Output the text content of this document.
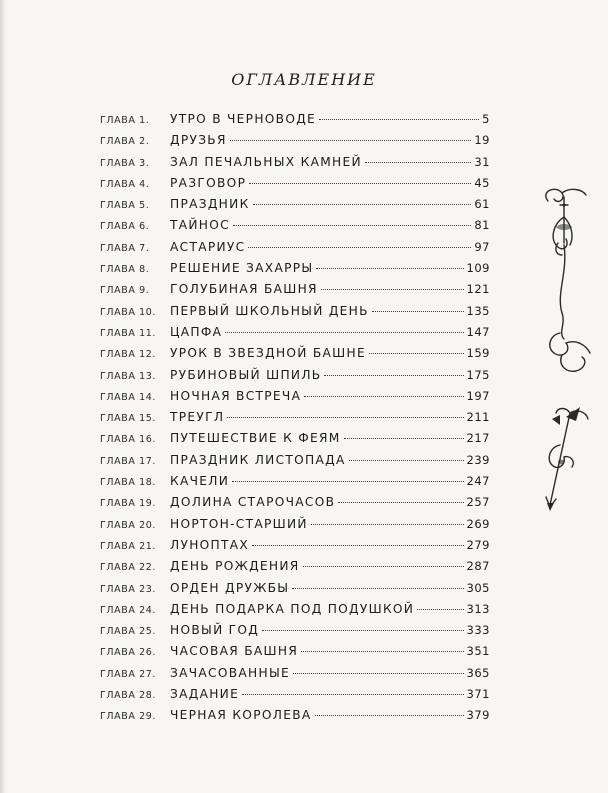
ОГЛАВЛЕНИЕ
ГЛАВА 1.	УТРО В ЧЕРНОВОДЕ	5
ГЛАВА 2.	ДРУЗЬЯ	19
ГЛАВА 3.	ЗАЛ ПЕЧАЛЬНЫХ КАМНЕЙ	31
ГЛАВА 4.	РАЗГОВОР	45
ГЛАВА 5.	ПРАЗДНИК	61
ГЛАВА 6.	ТАЙНОС	81
ГЛАВА 7.	АСТАРИУС	97
ГЛАВА 8.	РЕШЕНИЕ ЗАХАРРЫ	109
ГЛАВА 9.	ГОЛУБИНАЯ БАШНЯ	121
ГЛАВА 10.	ПЕРВЫЙ ШКОЛЬНЫЙ ДЕНЬ	135
ГЛАВА 11.	ЦАПФА	147
ГЛАВА 12.	УРОК В ЗВЕЗДНОЙ БАШНЕ	159
ГЛАВА 13.	РУБИНОВЫЙ ШПИЛЬ	175
ГЛАВА 14.	НОЧНАЯ ВСТРЕЧА	197
ГЛАВА 15.	ТРЕУГЛ	211
ГЛАВА 16.	ПУТЕШЕСТВИЕ К ФЕЯМ	217
ГЛАВА 17.	ПРАЗДНИК ЛИСТОПАДА	239
ГЛАВА 18.	КАЧЕЛИ	247
ГЛАВА 19.	ДОЛИНА СТАРОЧАСОВ	257
ГЛАВА 20.	НОРТОН-СТАРШИЙ	269
ГЛАВА 21.	ЛУНОПТАХ	279
ГЛАВА 22.	ДЕНЬ РОЖДЕНИЯ	287
ГЛАВА 23.	ОРДЕН ДРУЖБЫ	305
ГЛАВА 24.	ДЕНЬ ПОДАРКА ПОД ПОДУШКОЙ	313
ГЛАВА 25.	НОВЫЙ ГОД	333
ГЛАВА 26.	ЧАСОВАЯ БАШНЯ	351
ГЛАВА 27.	ЗАЧАСОВАННЫЕ	365
ГЛАВА 28.	ЗАДАНИЕ	371
ГЛАВА 29.	ЧЕРНАЯ КОРОЛЕВА	379
